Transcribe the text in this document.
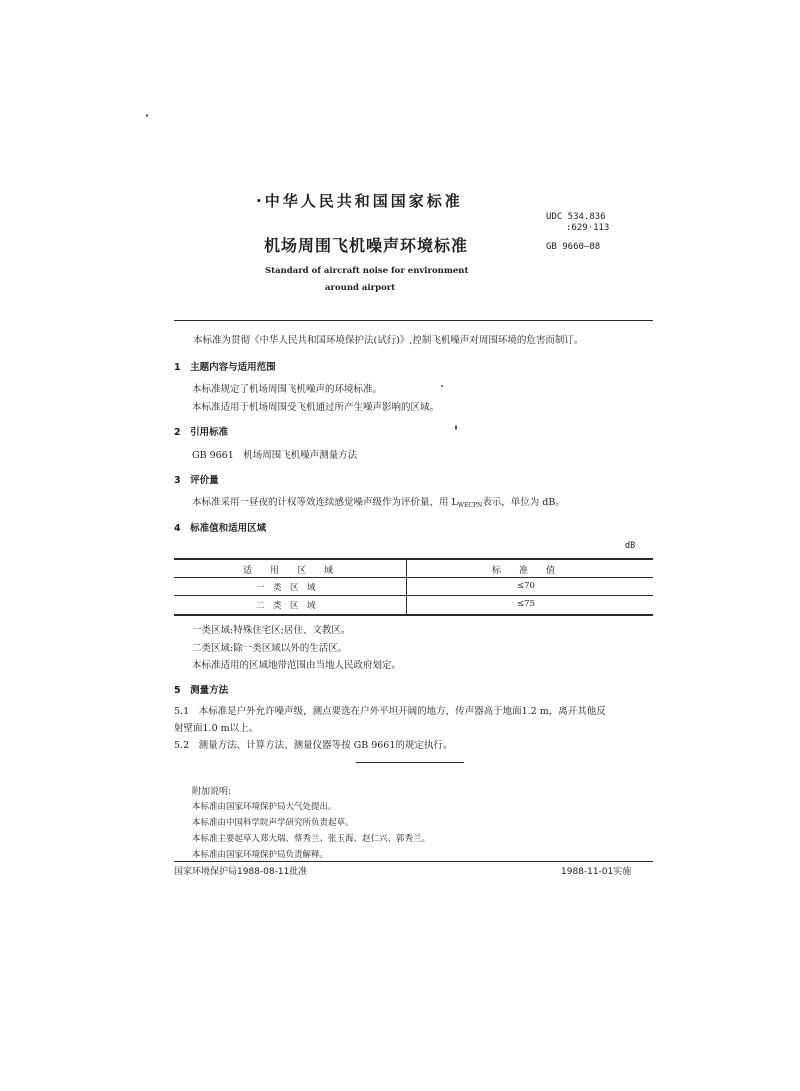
·中华人民共和国国家标准
UDC 534.836
:629·113
机场周围飞机噪声环境标准	GB 9660—88
Standard of aircraft noise for environment
around airport
本标准为贯彻《中华人民共和国环境保护法(试行)》,控制飞机噪声对周围环境的危害而制订。
1　主题内容与适用范围
本标准规定了机场周围飞机噪声的环境标准。
本标准适用于机场周围受飞机通过所产生噪声影响的区域。
2　引用标准
GB 9661　机场周围飞机噪声测量方法
3　评价量
本标准采用一昼夜的计权等效连续感觉噪声级作为评价量，用 $L_{WECPN}$表示，单位为 dB。
4　标准值和适用区域
dB
适　　用　　区　　域	标　　准　　值
一　类　区　域	≤70
二　类　区　域	≤75
一类区域:特殊住宅区;居住、文教区。
二类区域:除一类区域以外的生活区。
本标准适用的区域地带范围由当地人民政府划定。
5　测量方法
5.1　本标准是户外允许噪声级，测点要选在户外平坦开阔的地方，传声器高于地面1.2 m，离开其他反
射壁面1.0 m以上。
5.2　测量方法、计算方法、测量仪器等按 GB 9661的规定执行。
附加说明:
本标准由国家环境保护局大气处提出。
本标准由中国科学院声学研究所负责起草。
本标准主要起草人郑大瑞、蔡秀兰、张玉海、赵仁兴、郭秀兰。
本标准由国家环境保护局负责解释。
国家环境保护局1988-08-11批准	1988-11-01实施
